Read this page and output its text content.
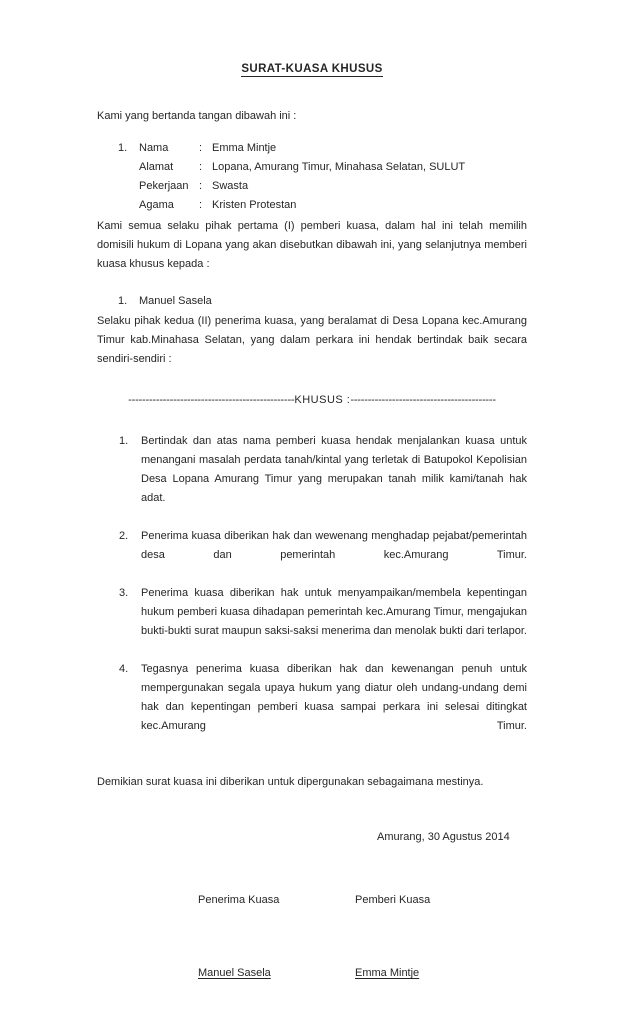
SURAT-KUASA KHUSUS

Kami yang bertanda tangan dibawah ini :

1.	Nama	: Emma Mintje
Alamat	: Lopana, Amurang Timur, Minahasa Selatan, SULUT
Pekerjaan : Swasta
Agama	: Kristen Protestan

Kami semua selaku pihak pertama (I) pemberi kuasa, dalam hal ini telah memilih domisili hukum di Lopana yang akan disebutkan dibawah ini, yang selanjutnya memberi kuasa khusus kepada :

1.	Manuel Sasela

Selaku pihak kedua (II) penerima kuasa, yang beralamat di Desa Lopana kec.Amurang Timur kab.Minahasa Selatan, yang dalam perkara ini hendak bertindak baik secara sendiri-sendiri :

------------------------------------------------KHUSUS :------------------------------------------
1.	Bertindak dan atas nama pemberi kuasa hendak menjalankan kuasa untuk menangani masalah perdata tanah/kintal yang terletak di Batupokol Kepolisian Desa Lopana Amurang Timur yang merupakan tanah milik kami/tanah hak adat.
2.	Penerima kuasa diberikan hak dan wewenang menghadap pejabat/pemerintah desa dan pemerintah kec.Amurang Timur.
3.	Penerima kuasa diberikan hak untuk menyampaikan/membela kepentingan hukum pemberi kuasa dihadapan pemerintah kec.Amurang Timur, mengajukan bukti-bukti surat maupun saksi-saksi menerima dan menolak bukti dari terlapor.
4.	Tegasnya penerima kuasa diberikan hak dan kewenangan penuh untuk mempergunakan segala upaya hukum yang diatur oleh undang-undang demi hak dan kepentingan pemberi kuasa sampai perkara ini selesai ditingkat kec.Amurang Timur.

Demikian surat kuasa ini diberikan untuk dipergunakan sebagaimana mestinya.

Amurang, 30 Agustus 2014
Penerima Kuasa	Pemberi Kuasa
Manuel Sasela	Emma Mintje
